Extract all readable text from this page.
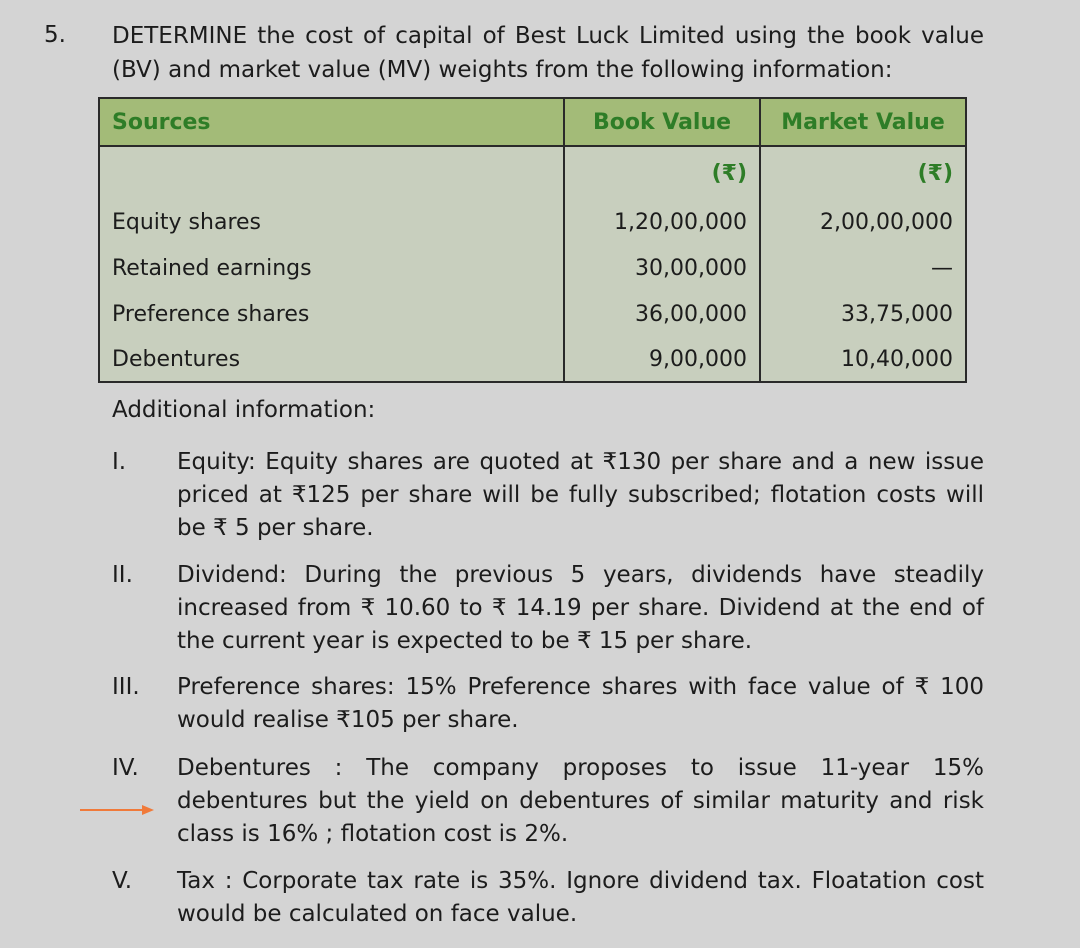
5. DETERMINE the cost of capital of Best Luck Limited using the book value (BV) and market value (MV) weights from the following information:
Sources	Book Value	Market Value
	(₹)	(₹)
Equity shares	1,20,00,000	2,00,00,000
Retained earnings	30,00,000	—
Preference shares	36,00,000	33,75,000
Debentures	9,00,000	10,40,000
Additional information:
I. Equity: Equity shares are quoted at ₹130 per share and a new issue priced at ₹125 per share will be fully subscribed; flotation costs will be ₹ 5 per share.
II. Dividend: During the previous 5 years, dividends have steadily increased from ₹ 10.60 to ₹ 14.19 per share. Dividend at the end of the current year is expected to be ₹ 15 per share.
III. Preference shares: 15% Preference shares with face value of ₹ 100 would realise ₹105 per share.
IV. Debentures : The company proposes to issue 11-year 15% debentures but the yield on debentures of similar maturity and risk class is 16% ; flotation cost is 2%.
V. Tax : Corporate tax rate is 35%. Ignore dividend tax. Floatation cost would be calculated on face value.
